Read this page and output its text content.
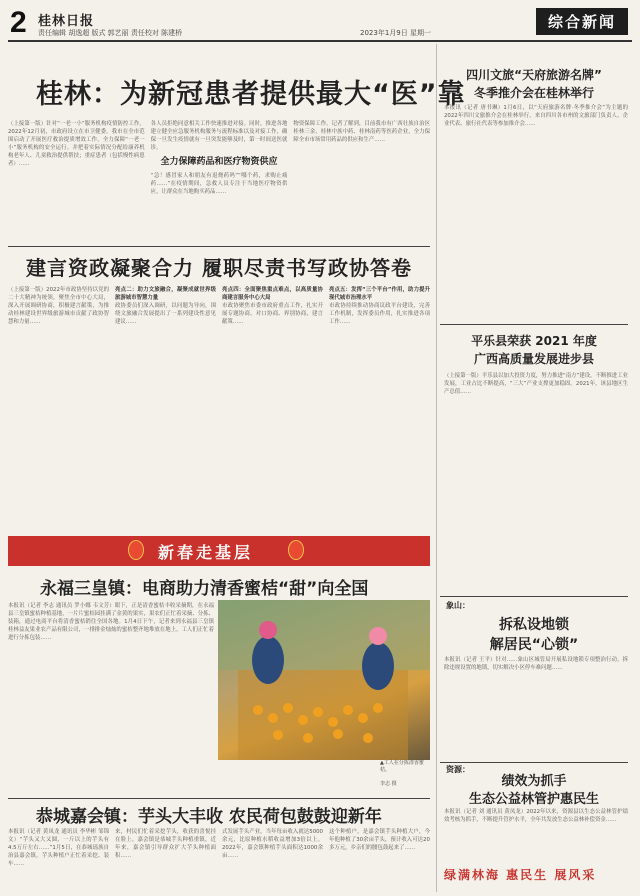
2 桂林日报
责任编辑 胡逸超 版式 郭艺丽 责任校对 陈建桥	2023年1月9日 星期一
综合新闻
桂林：为新冠患者提供最大“医”靠
（上接第一版）针对“一老一小”服务机构疫情防控工作，2022年12月初，市政府设立在市卫健委，我市在全市范围启动了开展医疗救治提质增效工作，全力保障“一老一小”服务机构的安全运行。并把着实际情况分配给康养机构老年人、儿童救治提供帮扶；重症患者（包括慢性病患者）……
各人员拒绝同意相关工作快速推进对接。同时，推进各地建立健全应急服务机构服务与流程标准以及对接工作，确保一旦发生疫情就有一旦突发能够及时，第一时间送医就诊。
全力保障药品和医疗物资供应
“急！感冒家人和朋友有退烧药吗”“哪个药，求购止痛药……”在疫情期间，急救人员专注于当地医疗物资供应，让群众在当地购买药品……
物资保障工作。记者了解到，目前我市有广西壮族自治区桂林三金、桂林中族中药、桂林南药等医药企业，全力保障全市市场常用药品的供应和生产……
建言资政凝聚合力 履职尽责书写政协答卷
（上接第一版）2022年市政协坚持以党的二十大精神为统领，聚焦全市中心大局，深入开展调研协商，积极建言献策，为推动桂林建设世界级旅游城市贡献了政协智慧和力量……
亮点二：助力文旅融合，凝聚成就世界级旅游城市智慧力量
政协委员们深入调研，以问题为导向，围绕文旅融合发展提出了一系列建设性意见建议……
亮点四：全面聚焦重点难点，以高质量协商建言服务中心大局
市政协聚焦市委市政府重点工作，扎实开展专题协商、对口协商、界别协商，建言献策……
亮点五：发挥“三个平台”作用，助力提升现代城市治理水平
市政协持续推动协商议政平台建设，完善工作机制，发挥委员作用，扎实推进各项工作……
新春走基层
永福三皇镇：电商助力清香蜜桔“甜”向全国
本报讯（记者 李志 通讯员 罗小娜 韦文芳）眼下，正是清香蜜桔丰收采摘期，在永福县三皇镇蜜桔种植基地，一片片蜜桔园挂满了金黄的果实，果农们正忙着采摘、分拣、装箱，通过电商平台将清香蜜桔销往全国各地。1月4日下午，记者来到永福县三皇镇桂林益友果业农产品有限公司，一排排金灿灿的蜜桔整齐地堆放在地上，工人们正忙着进行分拣包装……
▲工人在分拣清香蜜桔。
李志 摄
恭城嘉会镇：芋头大丰收 农民荷包鼓鼓迎新年
本报讯（记者 黄凤龙 通讯员 李华彬 邹锦文）“芋头又大又圆，一斤以上的芋头有4.5万斤左右……”1月5日，在恭城瑶族自治县嘉会镇，芋头种植户正忙着采挖、装车……
来，村民们忙着采挖芋头，收获的喜悦挂在脸上。嘉会镇是恭城芋头种植重镇，近年来，嘉会镇引导群众扩大芋头种植面积……
式发展芋头产业，当年每亩收入就达5000余元，比原种植水稻收益增加3倍以上。2022年，嘉会镇种植芋头面积达1000余亩……
这个种植户，是嘉会镇芋头种植大户，今年他种植了30余亩芋头，预计收入可达20多万元，乡亲们的腰包鼓起来了……
四川文旅“天府旅游名牌”
冬季推介会在桂林举行
本报讯（记者 唐书琳）1月6日，以“天府旅游名牌·冬季推介会”为主题的2022年四川文旅推介会在桂林举行，来自四川各市州的文旅部门负责人、企业代表、旅行社代表等参加推介会……
平乐县荣获 2021 年度
广西高质量发展进步县
（上接第一版）平乐县以加大投资力度，努力推进“南方”建设，不断推进工业发展，工业占比不断提高，“三大”产业支撑更加稳固。2021年，该县地区生产总值……
象山：
拆私设地锁
解居民“心锁”
本报讯（记者 王平）针对……象山区城管局开展私设地锁专项整治行动，拆除违规设置的地锁，切实解决小区停车难问题……
资源：
绩效为抓手
生态公益林管护惠民生
本报讯（记者 刘 通讯员 黄凤龙）2022年以来，资源县以生态公益林管护绩效考核为抓手，不断提升管护水平，全年共发放生态公益林补偿资金……
绿满林海 惠民生 展风采
